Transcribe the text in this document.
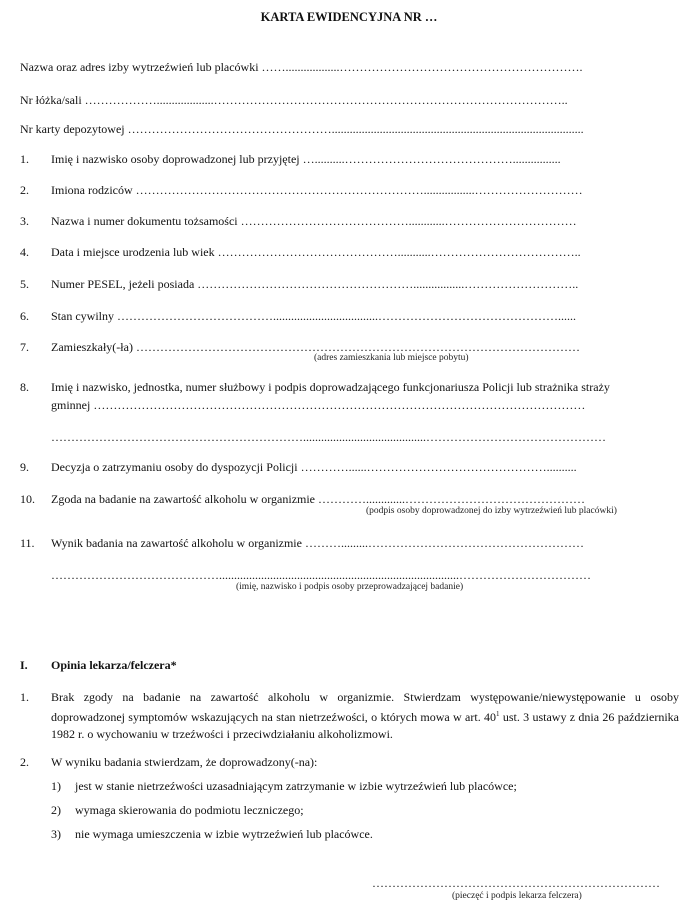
KARTA EWIDENCYJNA NR …
Nazwa oraz adres izby wytrzeźwień lub placówki ……..................…………………………………………………….
Nr łóżka/sali ………………...................……………………………………………………………………………..
Nr karty depozytowej ……………………………………………....................................................................................
1. Imię i nazwisko osoby doprowadzonej lub przyjętej …..........……………………………………................
2. Imiona rodziców ……………………………………………………………….................………………………
3. Nazwa i numer dokumentu tożsamości ……………………………………............……………………………
4. Data i miejsce urodzenia lub wiek ………………………………………...........………………………………..
5. Numer PESEL, jeżeli posiada ……………………………………………….................………………………..
6. Stan cywilny …………………………………...................................………………………………………......
7. Zamieszkały(-ła) …………………………………………………………………………………………………
(adres zamieszkania lub miejsce pobytu)
8. Imię i nazwisko, jednostka, numer służbowy i podpis doprowadzającego funkcjonariusza Policji lub strażnika straży
gminnej ……………………………………………………………………………………………………………
……………………………………………………….........................................………………………………………
9. Decyzja o zatrzymaniu osoby do dyspozycji Policji …………......………………………………………..........
10. Zgoda na badanie na zawartość alkoholu w organizmie ………….............………………………………………
(podpis osoby doprowadzonej do izby wytrzeźwień lub placówki)
11. Wynik badania na zawartość alkoholu w organizmie ……….........………………………………………………
……………………………………................................................................................……………………………
(imię, nazwisko i podpis osoby przeprowadzającej badanie)
I. Opinia lekarza/felczera*
1. Brak zgody na badanie na zawartość alkoholu w organizmie. Stwierdzam występowanie/niewystępowanie u osoby doprowadzonej symptomów wskazujących na stan nietrzeźwości, o których mowa w art. $40^1$ ust. 3 ustawy z dnia 26 października 1982 r. o wychowaniu w trzeźwości i przeciwdziałaniu alkoholizmowi.
2. W wyniku badania stwierdzam, że doprowadzony(-na):
1) jest w stanie nietrzeźwości uzasadniającym zatrzymanie w izbie wytrzeźwień lub placówce;
2) wymaga skierowania do podmiotu leczniczego;
3) nie wymaga umieszczenia w izbie wytrzeźwień lub placówce.
………………………………………………………………
(pieczęć i podpis lekarza felczera)
